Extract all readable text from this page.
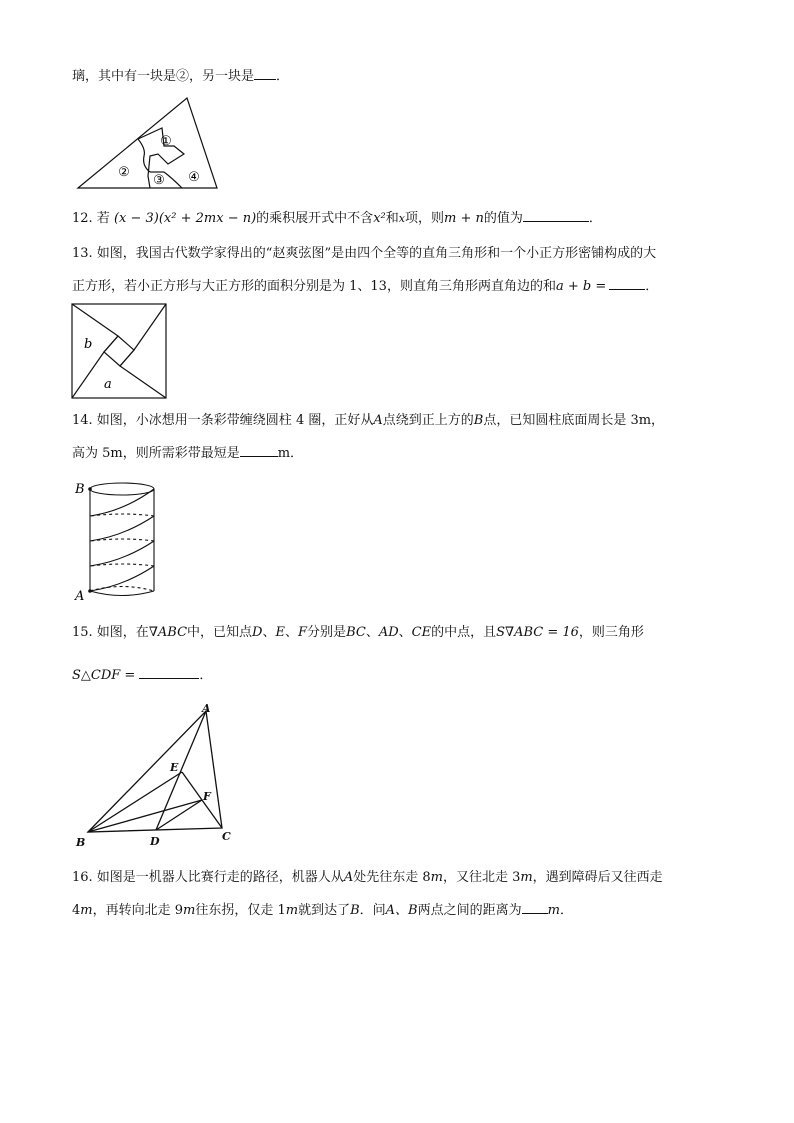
璃，其中有一块是②，另一块是 ．
①
②
③ ④
12. 若 (x − 3)(x² + 2mx − n)的乘积展开式中不含x²和x项，则m + n的值为	．
13. 如图，我国古代数学家得出的“赵爽弦图”是由四个全等的直角三角形和一个小正方形密铺构成的大
正方形，若小正方形与大正方形的面积分别是为 1、13，则直角三角形两直角边的和a + b =	．
b
a
14. 如图，小冰想用一条彩带缠绕圆柱 4 圈，正好从A点绕到正上方的B点，已知圆柱底面周长是 3m，
高为 5m，则所需彩带最短是	m．
B
A
15. 如图，在∇ABC中，已知点D、E、F分别是BC、AD、CE的中点，且S∇ABC = 16，则三角形
S△CDF =	．
A
B	C
D
E
F
16. 如图是一机器人比赛行走的路径，机器人从A处先往东走 8m，又往北走 3m，遇到障碍后又往西走
4m，再转向北走 9m往东拐，仅走 1m就到达了B．问A、B两点之间的距离为 m．
